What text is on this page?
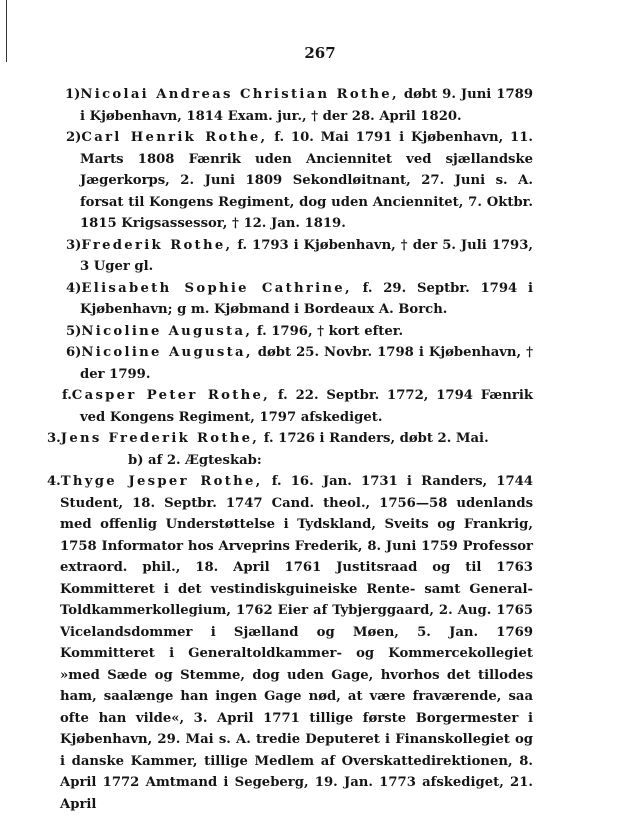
267

1)Nicolai Andreas Christian Rothe, døbt 9. Juni 1789 i Kjøbenhavn, 1814 Exam. jur., † der 28. April 1820.

2)Carl Henrik Rothe, f. 10. Mai 1791 i Kjøbenhavn, 11. Marts 1808 Fænrik uden Anciennitet ved sjællandske Jægerkorps, 2. Juni 1809 Sekondløitnant, 27. Juni s. A. forsat til Kongens Regiment, dog uden Anciennitet, 7. Oktbr. 1815 Krigsassessor, † 12. Jan. 1819.

3)Frederik Rothe, f. 1793 i Kjøbenhavn, † der 5. Juli 1793, 3 Uger gl.

4)Elisabeth Sophie Cathrine, f. 29. Septbr. 1794 i Kjøbenhavn; g m. Kjøbmand i Bordeaux A. Borch.

5)Nicoline Augusta, f. 1796, † kort efter.

6)Nicoline Augusta, døbt 25. Novbr. 1798 i Kjøbenhavn, † der 1799.

f.Casper Peter Rothe, f. 22. Septbr. 1772, 1794 Fænrik ved Kongens Regiment, 1797 afskediget.

3.Jens Frederik Rothe, f. 1726 i Randers, døbt 2. Mai.

b) af 2. Ægteskab:

4.Thyge Jesper Rothe, f. 16. Jan. 1731 i Randers, 1744 Student, 18. Septbr. 1747 Cand. theol., 1756—58 udenlands med offenlig Understøttelse i Tydskland, Sveits og Frankrig, 1758 Informator hos Arveprins Frederik, 8. Juni 1759 Professor extraord. phil., 18. April 1761 Justitsraad og til 1763 Kommitteret i det vestindiskguineiske Rente- samt General-Toldkammerkollegium, 1762 Eier af Tybjerggaard, 2. Aug. 1765 Vicelandsdommer i Sjælland og Møen, 5. Jan. 1769 Kommitteret i Generaltoldkammer- og Kommercekollegiet »med Sæde og Stemme, dog uden Gage, hvorhos det tillodes ham, saalænge han ingen Gage nød, at være fraværende, saa ofte han vilde«, 3. April 1771 tillige første Borgermester i Kjøbenhavn, 29. Mai s. A. tredie Deputeret i Finanskollegiet og i danske Kammer, tillige Medlem af Overskattedirektionen, 8. April 1772 Amtmand i Segeberg, 19. Jan. 1773 afskediget, 21. April
